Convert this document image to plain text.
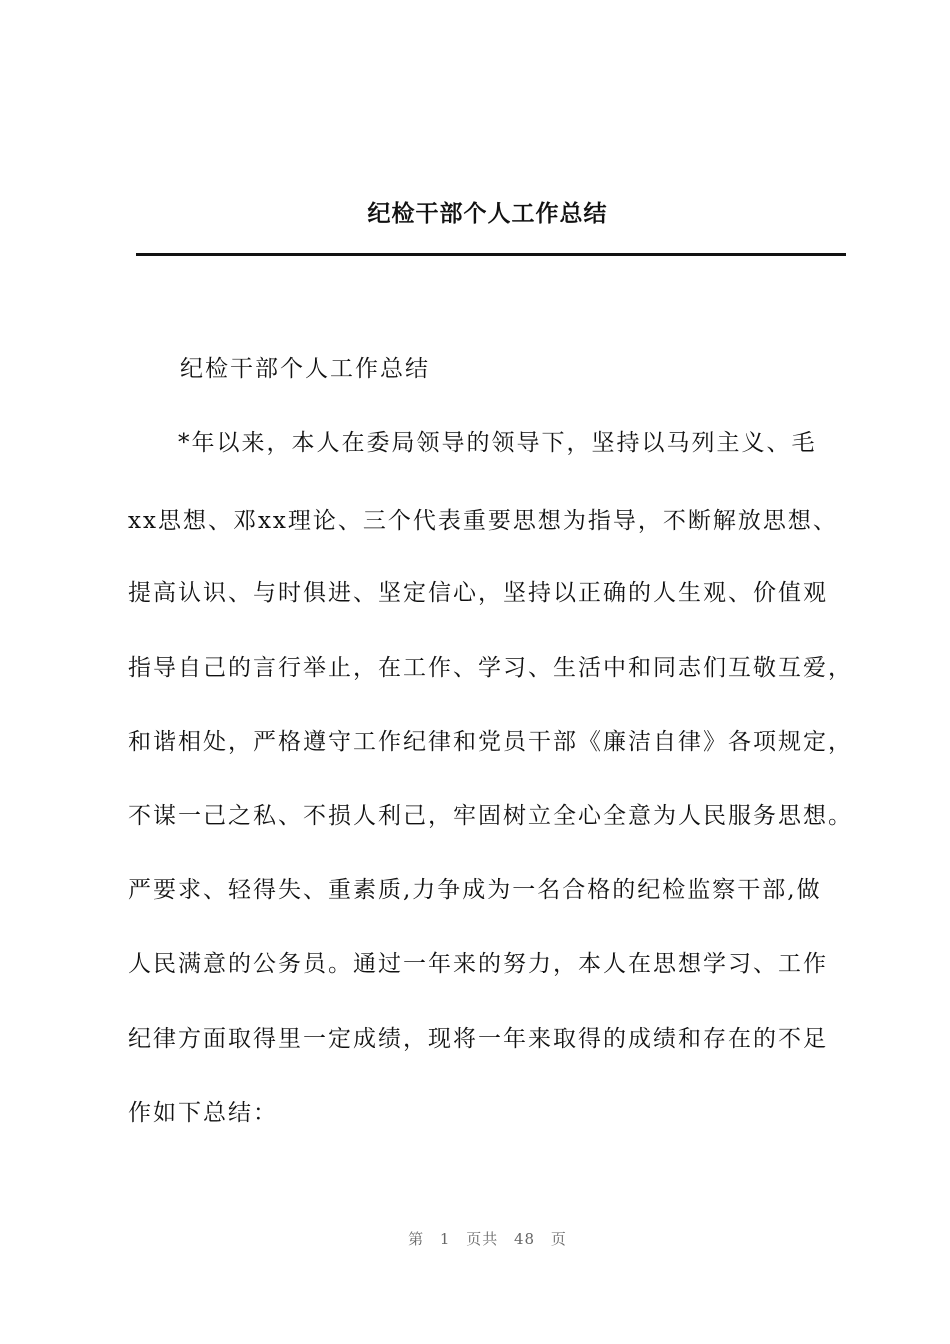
纪检干部个人工作总结
纪检干部个人工作总结
*年以来，本人在委局领导的领导下，坚持以马列主义、毛
xx思想、邓xx理论、三个代表重要思想为指导，不断解放思想、
提高认识、与时俱进、坚定信心，坚持以正确的人生观、价值观
指导自己的言行举止，在工作、学习、生活中和同志们互敬互爱，
和谐相处，严格遵守工作纪律和党员干部《廉洁自律》各项规定，
不谋一己之私、不损人利己，牢固树立全心全意为人民服务思想。
严要求、轻得失、重素质,力争成为一名合格的纪检监察干部,做
人民满意的公务员。通过一年来的努力，本人在思想学习、工作
纪律方面取得里一定成绩，现将一年来取得的成绩和存在的不足
作如下总结：
第 1 页共 48 页
